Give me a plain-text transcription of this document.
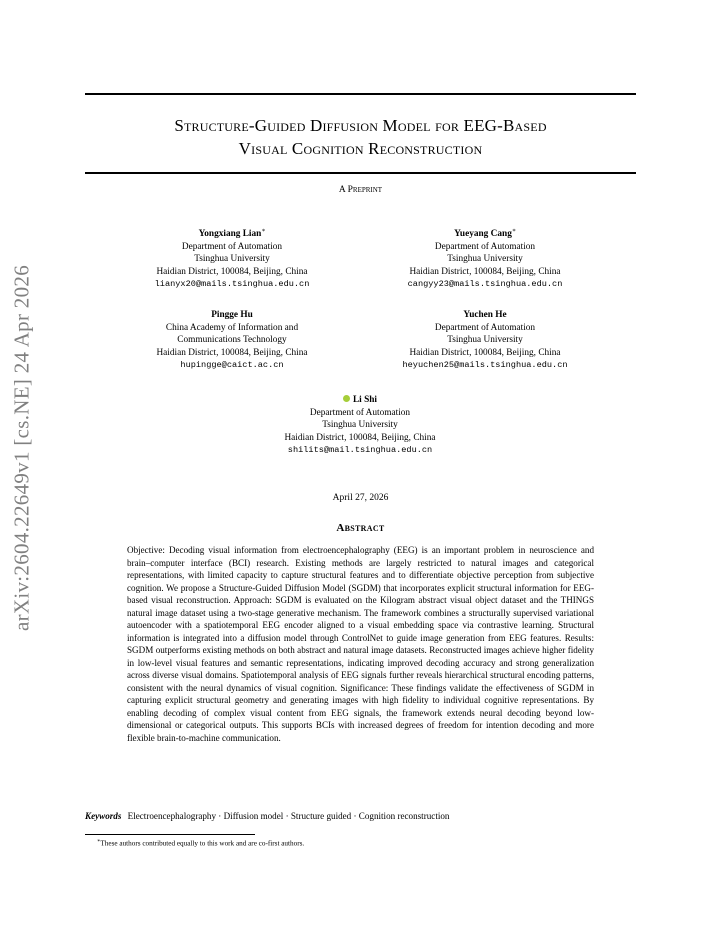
arXiv:2604.22649v1 [cs.NE] 24 Apr 2026
Structure-Guided Diffusion Model for EEG-Based
Visual Cognition Reconstruction
A Preprint
Yongxiang Lian∗
Department of Automation
Tsinghua University
Haidian District, 100084, Beijing, China
lianyx20@mails.tsinghua.edu.cn
Yueyang Cang∗
Department of Automation
Tsinghua University
Haidian District, 100084, Beijing, China
cangyy23@mails.tsinghua.edu.cn
Pingge Hu
China Academy of Information and
Communications Technology
Haidian District, 100084, Beijing, China
hupingge@caict.ac.cn
Yuchen He
Department of Automation
Tsinghua University
Haidian District, 100084, Beijing, China
heyuchen25@mails.tsinghua.edu.cn
Li Shi
Department of Automation
Tsinghua University
Haidian District, 100084, Beijing, China
shilits@mail.tsinghua.edu.cn
April 27, 2026
Abstract
Objective: Decoding visual information from electroencephalography (EEG) is an important problem in neuroscience and brain–computer interface (BCI) research. Existing methods are largely restricted to natural images and categorical representations, with limited capacity to capture structural features and to differentiate objective perception from subjective cognition. We propose a Structure-Guided Diffusion Model (SGDM) that incorporates explicit structural information for EEG-based visual reconstruction. Approach: SGDM is evaluated on the Kilogram abstract visual object dataset and the THINGS natural image dataset using a two-stage generative mechanism. The framework combines a structurally supervised variational autoencoder with a spatiotemporal EEG encoder aligned to a visual embedding space via contrastive learning. Structural information is integrated into a diffusion model through ControlNet to guide image generation from EEG features. Results: SGDM outperforms existing methods on both abstract and natural image datasets. Reconstructed images achieve higher fidelity in low-level visual features and semantic representations, indicating improved decoding accuracy and strong generalization across diverse visual domains. Spatiotemporal analysis of EEG signals further reveals hierarchical structural encoding patterns, consistent with the neural dynamics of visual cognition. Significance: These findings validate the effectiveness of SGDM in capturing explicit structural geometry and generating images with high fidelity to individual cognitive representations. By enabling decoding of complex visual content from EEG signals, the framework extends neural decoding beyond low-dimensional or categorical outputs. This supports BCIs with increased degrees of freedom for intention decoding and more flexible brain-to-machine communication.
Keywords Electroencephalography · Diffusion model · Structure guided · Cognition reconstruction
∗These authors contributed equally to this work and are co-first authors.
